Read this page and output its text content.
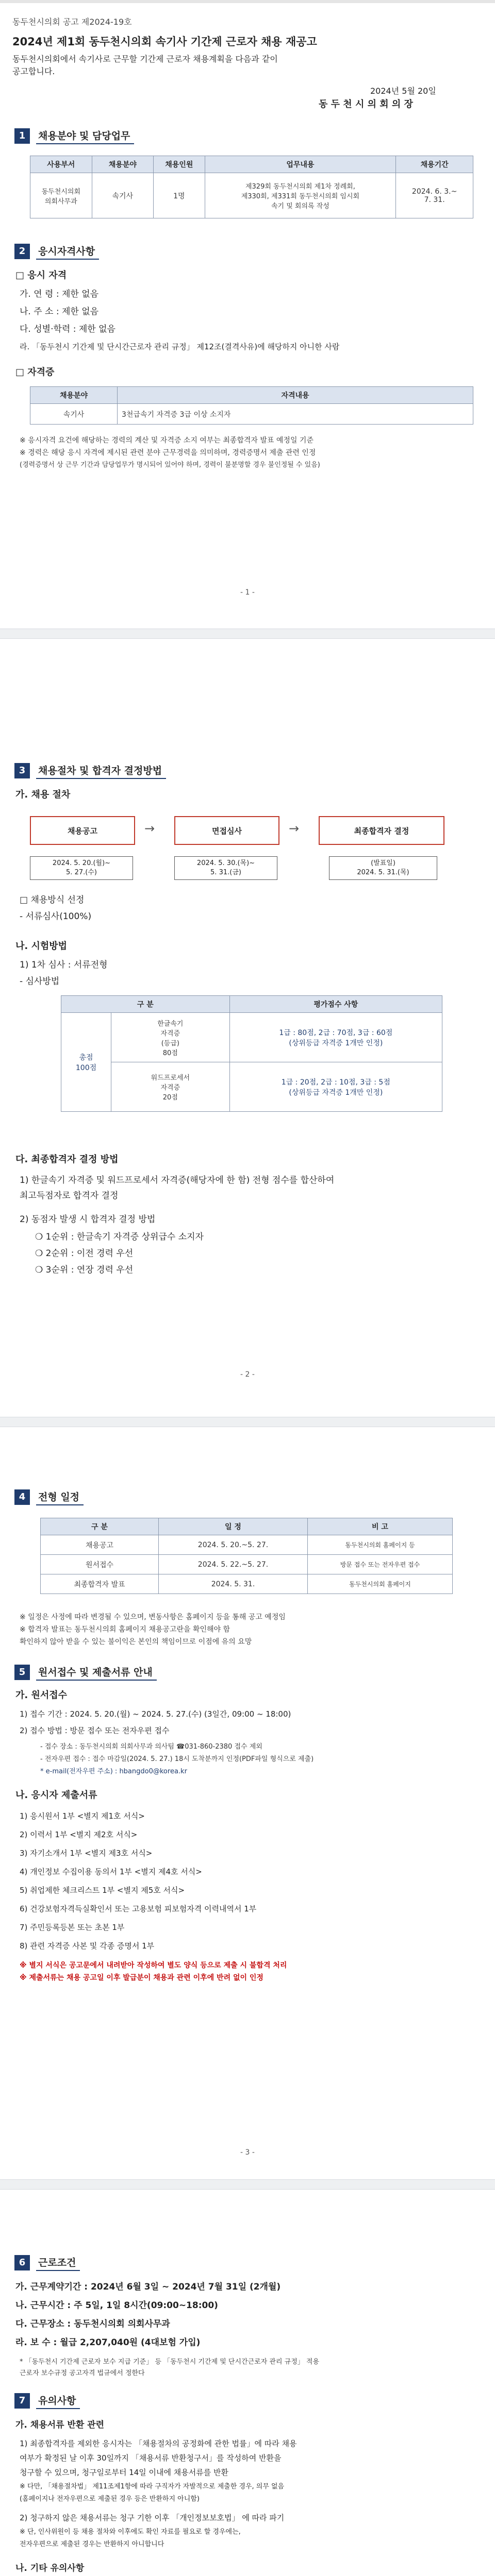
동두천시의회 공고 제2024-19호
2024년 제1회 동두천시의회 속기사 기간제 근로자 채용 재공고
동두천시의회에서 속기사로 근무할 기간제 근로자 채용계획을 다음과 같이
공고합니다.
2024년 5월 20일
동 두 천 시 의 회 의 장
1	채용분야 및 담당업무
사용부서	채용분야	채용인원	업무내용	채용기간
동두천시의회
의회사무과	속기사	1명	제329회 동두천시의회 제1차 정례회,
제330회, 제331회 동두천시의회 임시회
속기 및 회의록 작성	2024. 6. 3.~
7. 31.
2	응시자격사항
□ 응시 자격
가. 연 령 : 제한 없음
나. 주 소 : 제한 없음
다. 성별·학력 : 제한 없음
라. 「동두천시 기간제 및 단시간근로자 관리 규정」 제12조(결격사유)에 해당하지 아니한 사람
□ 자격증
채용분야	자격내용
속기사	3천급속기 자격증 3급 이상 소지자
※ 응시자격 요건에 해당하는 경력의 계산 및 자격증 소지 여부는 최종합격자 발표 예정일 기준
※ 경력은 해당 응시 자격에 제시된 관련 분야 근무경력을 의미하며, 경력증명서 제출 관련 인정
(경력증명서 상 근무 기간과 담당업무가 명시되어 있어야 하며, 경력이 불분명할 경우 불인정될 수 있음)
- 1 -
3	채용절차 및 합격자 결정방법
가. 채용 절차
채용공고	→	면접심사	→	최종합격자 결정
2024. 5. 20.(월)~
5. 27.(수)
2024. 5. 30.(목)~
5. 31.(금)
(발표일)
2024. 5. 31.(목)
□ 채용방식 선정
- 서류심사(100%)
나. 시험방법
1) 1차 심사 : 서류전형
- 심사방법
구 분		평가점수 사항
총점
100점	한글속기
자격증
(등급)
80점	1급 : 80점, 2급 : 70점, 3급 : 60점
(상위등급 자격증 1개만 인정)
	워드프로세서
자격증
20점	1급 : 20점, 2급 : 10점, 3급 : 5점
(상위등급 자격증 1개만 인정)
다. 최종합격자 결정 방법
1) 한글속기 자격증 및 워드프로세서 자격증(해당자에 한 함) 전형 점수를 합산하여
최고득점자로 합격자 결정
2) 동점자 발생 시 합격자 결정 방법
❍ 1순위 : 한글속기 자격증 상위급수 소지자
❍ 2순위 : 이전 경력 우선
❍ 3순위 : 연장 경력 우선
- 2 -
4	전형 일정
구 분	일 정	비 고
채용공고	2024. 5. 20.~5. 27.	동두천시의회 홈페이지 등
원서접수	2024. 5. 22.~5. 27.	방문 접수 또는 전자우편 접수
최종합격자 발표	2024. 5. 31.	동두천시의회 홈페이지
※ 일정은 사정에 따라 변경될 수 있으며, 변동사항은 홈페이지 등을 통해 공고 예정임
※ 합격자 발표는 동두천시의회 홈페이지 채용공고란을 확인해야 함
확인하지 않아 받을 수 있는 불이익은 본인의 책임이므로 이점에 유의 요망
5	원서접수 및 제출서류 안내
가. 원서접수
1) 접수 기간 : 2024. 5. 20.(월) ~ 2024. 5. 27.(수) (3일간, 09:00 ~ 18:00)
2) 접수 방법 : 방문 접수 또는 전자우편 접수
- 접수 장소 : 동두천시의회 의회사무과 의사팀 ☎031-860-2380 접수 제외
- 전자우편 접수 : 접수 마감일(2024. 5. 27.) 18시 도착분까지 인정(PDF파일 형식으로 제출)
* e-mail(전자우편 주소) : hbangdo0@korea.kr
나. 응시자 제출서류
1) 응시원서 1부 <별지 제1호 서식>
2) 이력서 1부 <별지 제2호 서식>
3) 자기소개서 1부 <별지 제3호 서식>
4) 개인정보 수집이용 동의서 1부 <별지 제4호 서식>
5) 취업제한 체크리스트 1부 <별지 제5호 서식>
6) 건강보험자격득실확인서 또는 고용보험 피보험자격 이력내역서 1부
7) 주민등록등본 또는 초본 1부
8) 관련 자격증 사본 및 각종 증명서 1부
※ 별지 서식은 공고문에서 내려받아 작성하여 별도 양식 등으로 제출 시 불합격 처리
※ 제출서류는 채용 공고일 이후 발급분이 채용과 관련 이후에 반려 없이 인정
- 3 -
6	근로조건
가. 근무계약기간 : 2024년 6월 3일 ~ 2024년 7월 31일 (2개월)
나. 근무시간 : 주 5일, 1일 8시간(09:00~18:00)
다. 근무장소 : 동두천시의회 의회사무과
라. 보 수 : 월급 2,207,040원 (4대보험 가입)
* 「동두천시 기간제 근로자 보수 지급 기준」 등 「동두천시 기간제 및 단시간근로자 관리 규정」 적용
근로자 보수규정 공고자격 법규에서 정한다
7	유의사항
가. 채용서류 반환 관련
1) 최종합격자를 제외한 응시자는 「채용절차의 공정화에 관한 법률」에 따라 채용
여부가 확정된 날 이후 30일까지 「채용서류 반환청구서」를 작성하여 반환을
청구할 수 있으며, 청구일로부터 14일 이내에 채용서류를 반환
※ 다만, 「채용절차법」 제11조제1항에 따라 구직자가 자발적으로 제출한 경우, 의무 없음
(홈페이지나 전자우편으로 제출된 경우 등은 반환하지 아니함)
2) 청구하지 않은 채용서류는 청구 기한 이후 「개인정보보호법」 에 따라 파기
※ 단, 인사위원이 등 채용 절차와 이후에도 확인 자료를 필요로 할 경우에는,
전자우편으로 제출된 경우는 반환하지 아니합니다
나. 기타 유의사항
